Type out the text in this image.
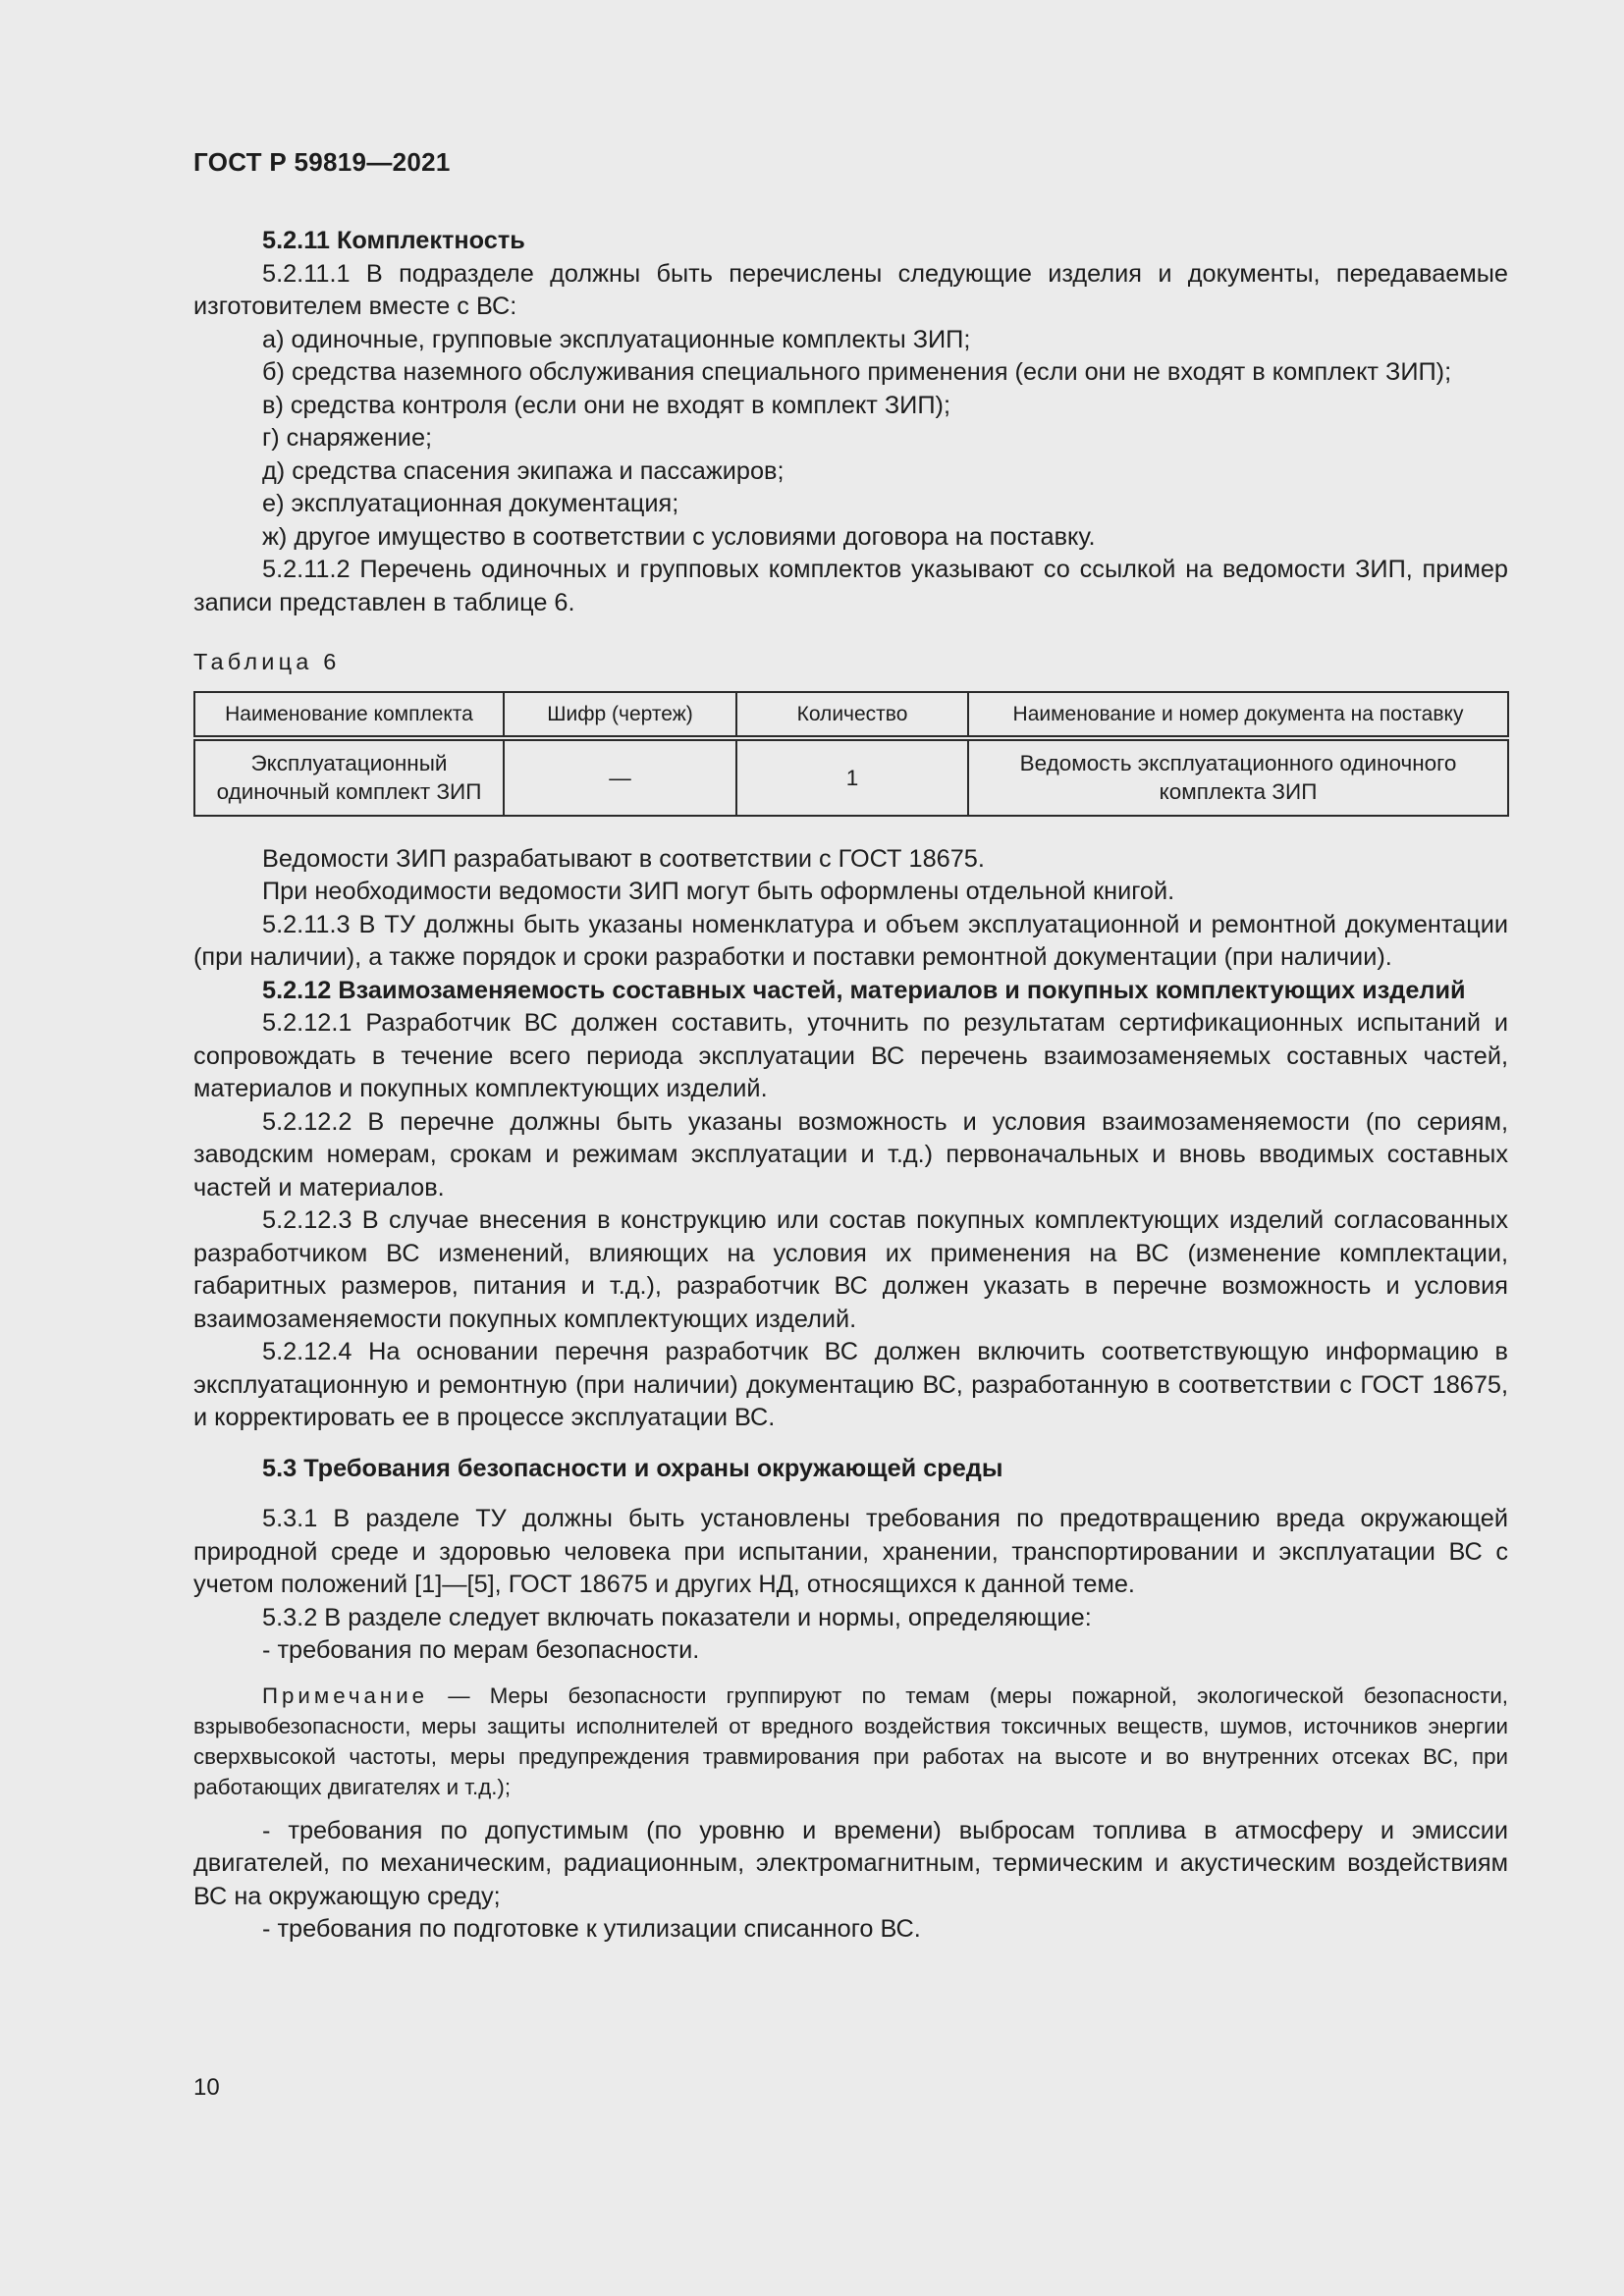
ГОСТ Р 59819—2021

5.2.11 Комплектность

5.2.11.1 В подразделе должны быть перечислены следующие изделия и документы, передаваемые изготовителем вместе с ВС:

а) одиночные, групповые эксплуатационные комплекты ЗИП;

б) средства наземного обслуживания специального применения (если они не входят в комплект ЗИП);

в) средства контроля (если они не входят в комплект ЗИП);

г) снаряжение;

д) средства спасения экипажа и пассажиров;

е) эксплуатационная документация;

ж) другое имущество в соответствии с условиями договора на поставку.

5.2.11.2 Перечень одиночных и групповых комплектов указывают со ссылкой на ведомости ЗИП, пример записи представлен в таблице 6.

Таблица 6

Наименование комплекта	Шифр (чертеж)	Количество	Наименование и номер документа на поставку
Эксплуатационный одиночный комплект ЗИП	—	1	Ведомость эксплуатационного одиночного комплекта ЗИП

Ведомости ЗИП разрабатывают в соответствии с ГОСТ 18675.

При необходимости ведомости ЗИП могут быть оформлены отдельной книгой.

5.2.11.3 В ТУ должны быть указаны номенклатура и объем эксплуатационной и ремонтной документации (при наличии), а также порядок и сроки разработки и поставки ремонтной документации (при наличии).

5.2.12 Взаимозаменяемость составных частей, материалов и покупных комплектующих изделий

5.2.12.1 Разработчик ВС должен составить, уточнить по результатам сертификационных испытаний и сопровождать в течение всего периода эксплуатации ВС перечень взаимозаменяемых составных частей, материалов и покупных комплектующих изделий.

5.2.12.2 В перечне должны быть указаны возможность и условия взаимозаменяемости (по сериям, заводским номерам, срокам и режимам эксплуатации и т.д.) первоначальных и вновь вводимых составных частей и материалов.

5.2.12.3 В случае внесения в конструкцию или состав покупных комплектующих изделий согласованных разработчиком ВС изменений, влияющих на условия их применения на ВС (изменение комплектации, габаритных размеров, питания и т.д.), разработчик ВС должен указать в перечне возможность и условия взаимозаменяемости покупных комплектующих изделий.

5.2.12.4 На основании перечня разработчик ВС должен включить соответствующую информацию в эксплуатационную и ремонтную (при наличии) документацию ВС, разработанную в соответствии с ГОСТ 18675, и корректировать ее в процессе эксплуатации ВС.

5.3 Требования безопасности и охраны окружающей среды

5.3.1 В разделе ТУ должны быть установлены требования по предотвращению вреда окружающей природной среде и здоровью человека при испытании, хранении, транспортировании и эксплуатации ВС с учетом положений [1]—[5], ГОСТ 18675 и других НД, относящихся к данной теме.

5.3.2 В разделе следует включать показатели и нормы, определяющие:

- требования по мерам безопасности.

Примечание — Меры безопасности группируют по темам (меры пожарной, экологической безопасности, взрывобезопасности, меры защиты исполнителей от вредного воздействия токсичных веществ, шумов, источников энергии сверхвысокой частоты, меры предупреждения травмирования при работах на высоте и во внутренних отсеках ВС, при работающих двигателях и т.д.);

- требования по допустимым (по уровню и времени) выбросам топлива в атмосферу и эмиссии двигателей, по механическим, радиационным, электромагнитным, термическим и акустическим воздействиям ВС на окружающую среду;

- требования по подготовке к утилизации списанного ВС.

10
